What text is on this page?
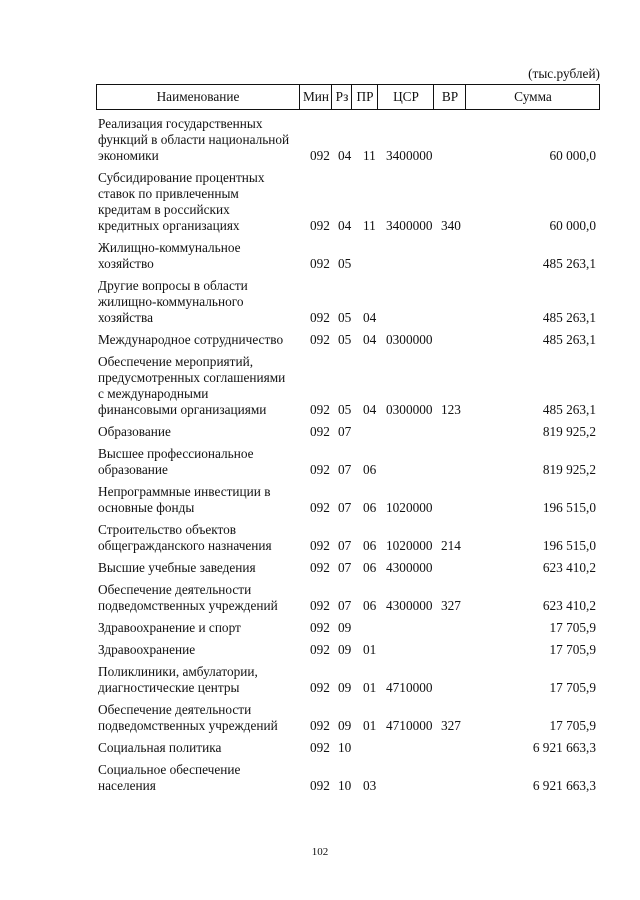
(тыс.рублей)
Наименование	Мин Рз ПР	ЦСР	ВР	Сумма
Реализация государственных
функций в области национальной
экономики	092 04 11 3400000	60 000,0
Субсидирование процентных
ставок по привлеченным
кредитам в российских
кредитных организациях	092 04 11 3400000 340	60 000,0
Жилищно-коммунальное
хозяйство	092 05	485 263,1
Другие вопросы в области
жилищно-коммунального
хозяйства	092 05 04	485 263,1
Международное сотрудничество	092 05 04 0300000	485 263,1
Обеспечение мероприятий,
предусмотренных соглашениями
с международными
финансовыми организациями	092 05 04 0300000 123	485 263,1
Образование	092 07	819 925,2
Высшее профессиональное
образование	092 07 06	819 925,2
Непрограммные инвестиции в
основные фонды	092 07 06 1020000	196 515,0
Строительство объектов
общегражданского назначения	092 07 06 1020000 214	196 515,0
Высшие учебные заведения	092 07 06 4300000	623 410,2
Обеспечение деятельности
подведомственных учреждений	092 07 06 4300000 327	623 410,2
Здравоохранение и спорт	092 09	17 705,9
Здравоохранение	092 09 01	17 705,9
Поликлиники, амбулатории,
диагностические центры	092 09 01 4710000	17 705,9
Обеспечение деятельности
подведомственных учреждений	092 09 01 4710000 327	17 705,9
Социальная политика	092 10	6 921 663,3
Социальное обеспечение
населения	092 10 03	6 921 663,3
102
